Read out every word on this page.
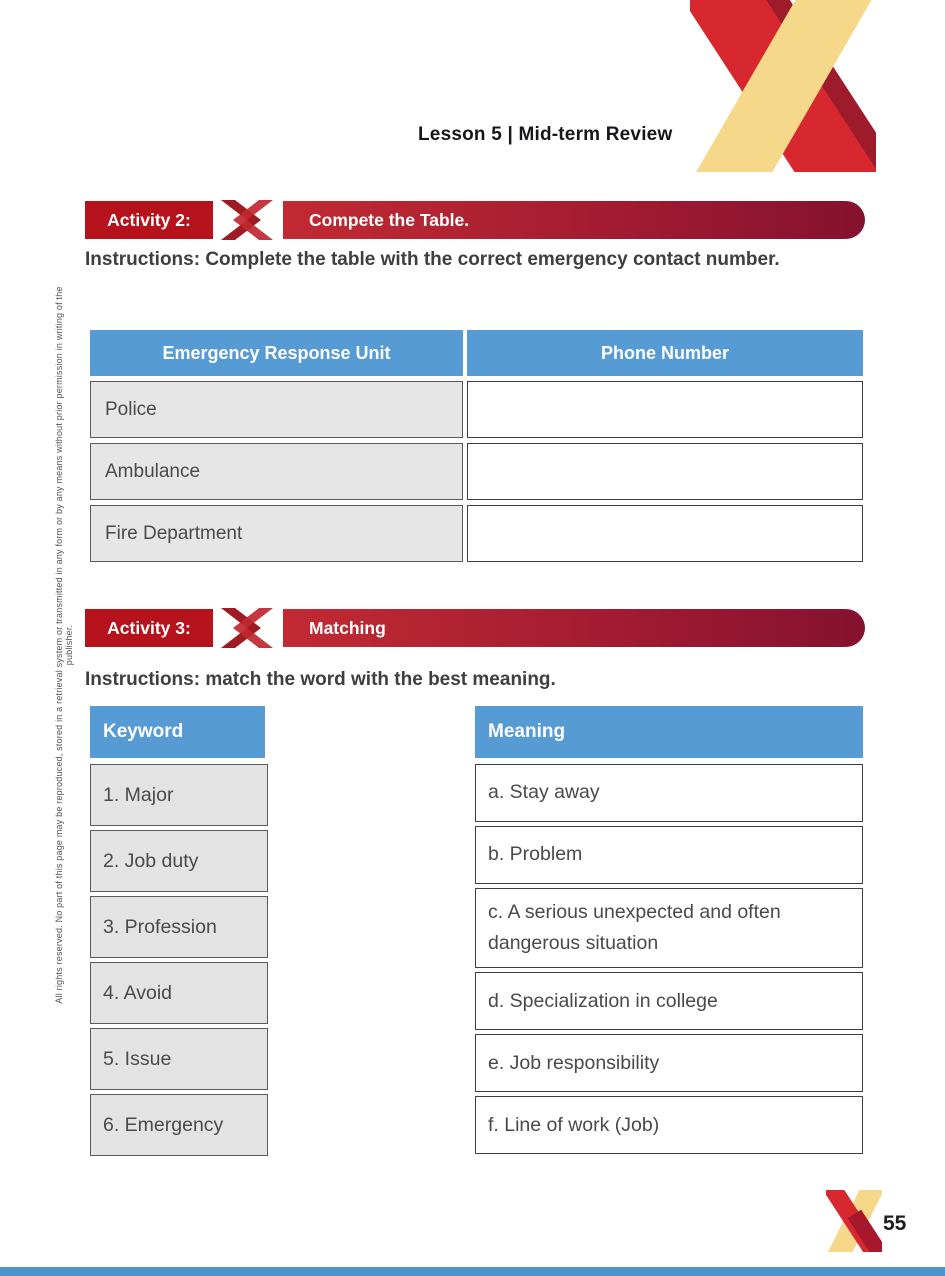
Lesson 5 | Mid-term Review
Compete the Table.
Activity 2:

Instructions: Complete the table with the correct emergency contact number.

Emergency Response Unit	Phone Number
Police
Ambulance
Fire Department
Matching
Activity 3:

Instructions: match the word with the best meaning.

Keyword
1. Major
2. Job duty
3. Profession
4. Avoid
5. Issue
6. Emergency
Meaning
a. Stay away
b. Problem
c. A serious unexpected and often dangerous situation
d. Specialization in college
e. Job responsibility
f. Line of work (Job)
All rights reserved. No part of this page may be reproduced, stored in a retrieval system or transmitted in any form or by any means without prior permission in writing of the publisher.
55
